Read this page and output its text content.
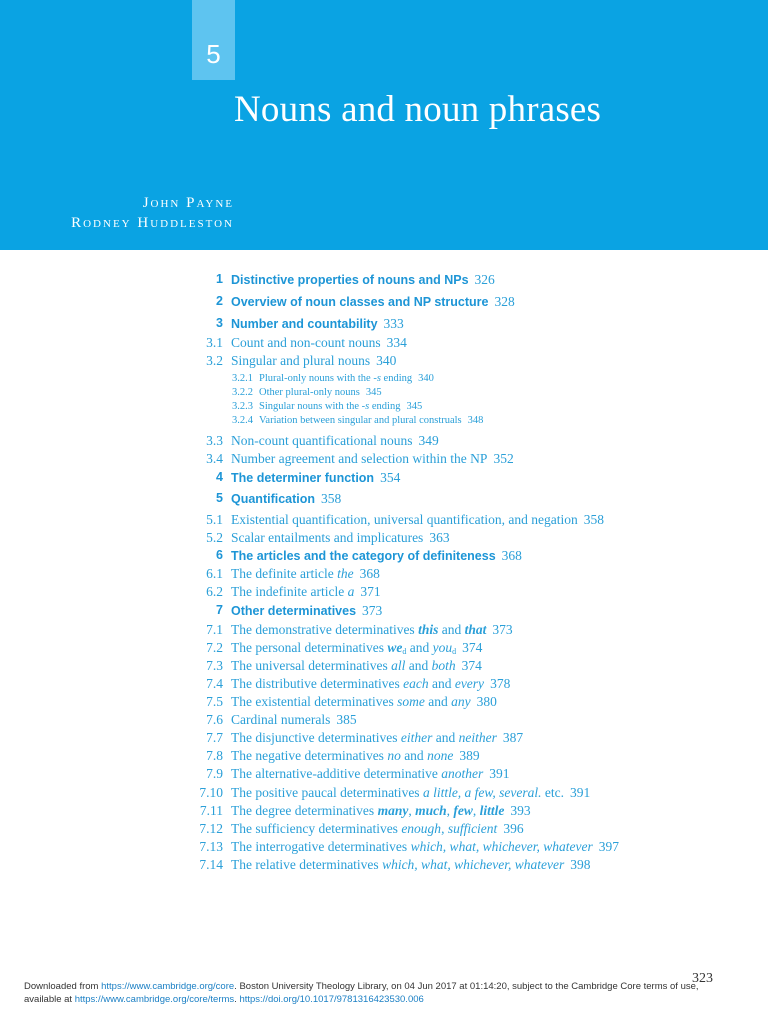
5
Nouns and noun phrases
John Payne
Rodney Huddleston
1 Distinctive properties of nouns and NPs 326
2 Overview of noun classes and NP structure 328
3 Number and countability 333
3.1 Count and non-count nouns 334
3.2 Singular and plural nouns 340
3.2.1 Plural-only nouns with the -s ending 340
3.2.2 Other plural-only nouns 345
3.2.3 Singular nouns with the -s ending 345
3.2.4 Variation between singular and plural construals 348
3.3 Non-count quantificational nouns 349
3.4 Number agreement and selection within the NP 352
4 The determiner function 354
5 Quantification 358
5.1 Existential quantification, universal quantification, and negation 358
5.2 Scalar entailments and implicatures 363
6 The articles and the category of definiteness 368
6.1 The definite article the 368
6.2 The indefinite article a 371
7 Other determinatives 373
7.1 The demonstrative determinatives this and that 373
7.2 The personal determinatives wed and youd 374
7.3 The universal determinatives all and both 374
7.4 The distributive determinatives each and every 378
7.5 The existential determinatives some and any 380
7.6 Cardinal numerals 385
7.7 The disjunctive determinatives either and neither 387
7.8 The negative determinatives no and none 389
7.9 The alternative-additive determinative another 391
7.10 The positive paucal determinatives a little, a few, several. etc. 391
7.11 The degree determinatives many, much, few, little 393
7.12 The sufficiency determinatives enough, sufficient 396
7.13 The interrogative determinatives which, what, whichever, whatever 397
7.14 The relative determinatives which, what, whichever, whatever 398
323
Downloaded from https://www.cambridge.org/core. Boston University Theology Library, on 04 Jun 2017 at 01:14:20, subject to the Cambridge Core terms of use,
available at https://www.cambridge.org/core/terms. https://doi.org/10.1017/9781316423530.006
